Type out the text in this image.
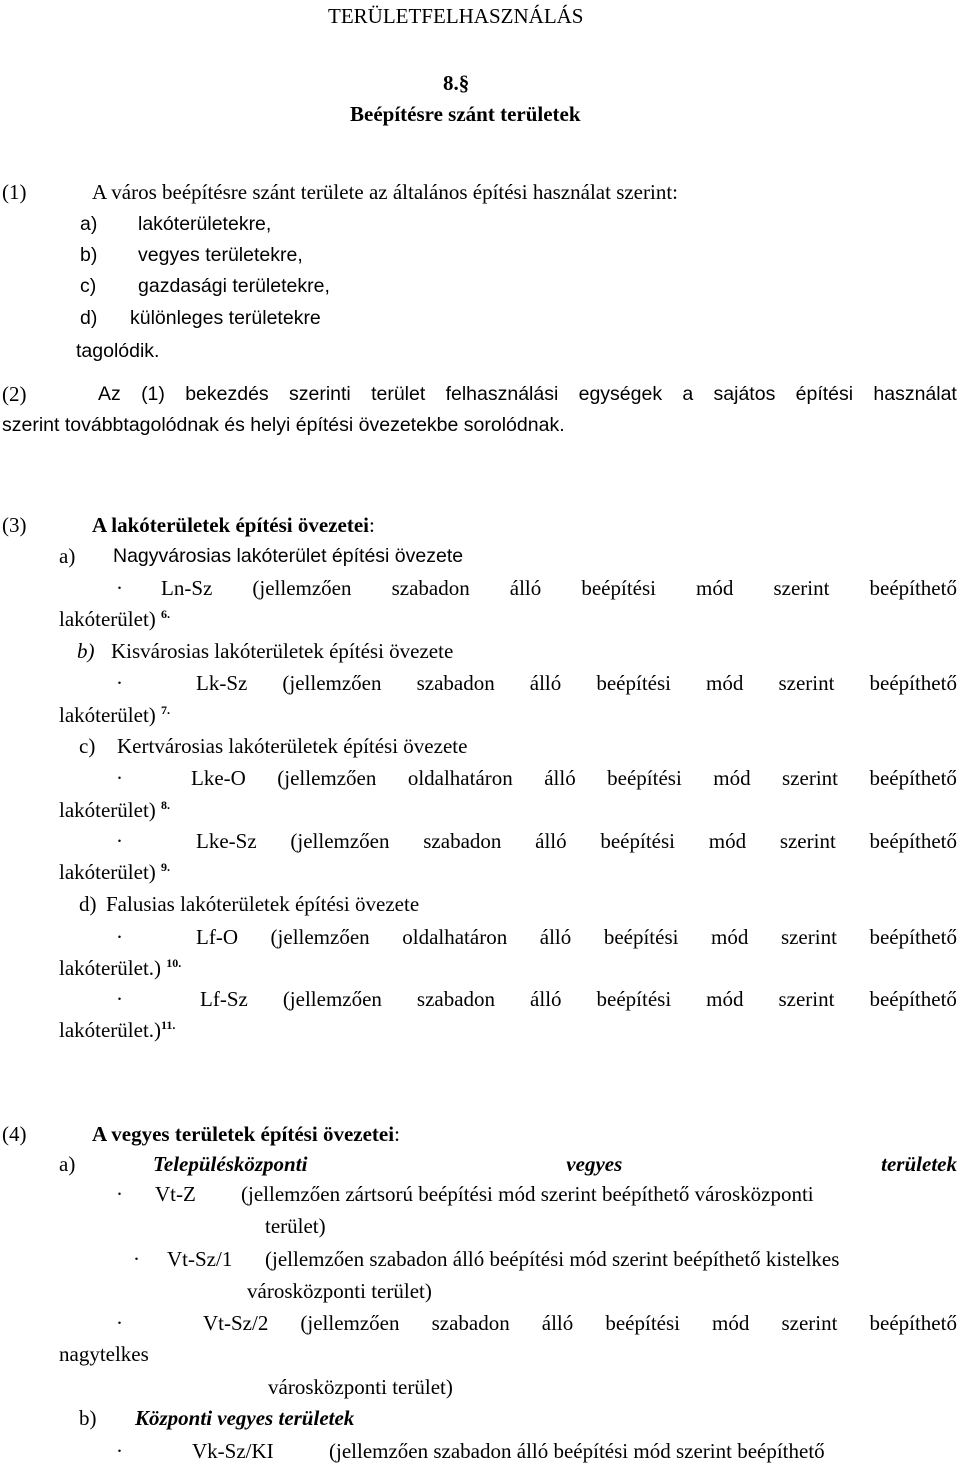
TERÜLETFELHASZNÁLÁS
8.§
Beépítésre szánt területek
(1)	A város beépítésre szánt területe az általános építési használat szerint:
a) lakóterületekre,
b) vegyes területekre,
c) gazdasági területekre,
d) különleges területekre
tagolódik.
(2)	Az (1) bekezdés szerinti terület felhasználási egységek a sajátos építési használat
szerint továbbtagolódnak és helyi építési övezetekbe sorolódnak.
(3)	A lakóterületek építési övezetei:
a) Nagyvárosias lakóterület építési övezete
· Ln-Sz (jellemzően szabadon álló beépítési mód szerint beépíthető
lakóterület) $^{6.}$
b) Kisvárosias lakóterületek építési övezete
·	Lk-Sz (jellemzően szabadon álló beépítési mód szerint beépíthető
lakóterület) $^{7.}$
c) Kertvárosias lakóterületek építési övezete
·	Lke-O (jellemzően oldalhatáron álló beépítési mód szerint beépíthető
lakóterület) $^{8.}$
·	Lke-Sz (jellemzően szabadon álló beépítési mód szerint beépíthető
lakóterület) $^{9.}$
d) Falusias lakóterületek építési övezete
·	Lf-O (jellemzően oldalhatáron álló beépítési mód szerint beépíthető
lakóterület.) $^{10.}$
·	Lf-Sz (jellemzően szabadon álló beépítési mód szerint beépíthető
lakóterület.)$^{11.}$
(4)	A vegyes területek építési övezetei:
a)	Településközponti	vegyes	területek
· Vt-Z (jellemzően zártsorú beépítési mód szerint beépíthető városközponti
terület)
· Vt-Sz/1 (jellemzően szabadon álló beépítési mód szerint beépíthető kistelkes
városközponti terület)
·	Vt-Sz/2 (jellemzően szabadon álló beépítési mód szerint beépíthető
nagytelkes
városközponti terület)
b) Központi vegyes területek
·	Vk-Sz/KI	(jellemzően szabadon álló beépítési mód szerint beépíthető
